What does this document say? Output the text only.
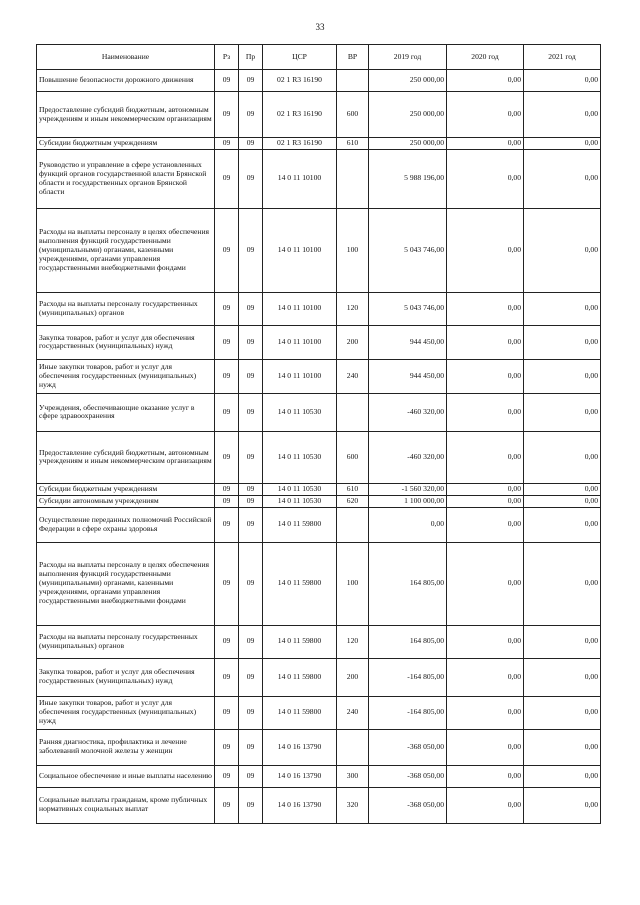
33
Наименование	Рз	Пр	ЦСР	ВР	2019 год	2020 год	2021 год
Повышение безопасности дорожного движения	09	09	02 1 R3 16190		250 000,00	0,00	0,00
Предоставление субсидий бюджетным, автономным учреждениям и иным некоммерческим организациям	09	09	02 1 R3 16190	600	250 000,00	0,00	0,00
Субсидии бюджетным учреждениям	09	09	02 1 R3 16190	610	250 000,00	0,00	0,00
Руководство и управление в сфере установленных функций органов государственной власти Брянской области и государственных органов Брянской области	09	09	14 0 11 10100		5 988 196,00	0,00	0,00
Расходы на выплаты персоналу в целях обеспечения выполнения функций государственными (муниципальными) органами, казенными учреждениями, органами управления государственными внебюджетными фондами	09	09	14 0 11 10100	100	5 043 746,00	0,00	0,00
Расходы на выплаты персоналу государственных (муниципальных) органов	09	09	14 0 11 10100	120	5 043 746,00	0,00	0,00
Закупка товаров, работ и услуг для обеспечения государственных (муниципальных) нужд	09	09	14 0 11 10100	200	944 450,00	0,00	0,00
Иные закупки товаров, работ и услуг для обеспечения государственных (муниципальных) нужд	09	09	14 0 11 10100	240	944 450,00	0,00	0,00
Учреждения, обеспечивающие оказание услуг в сфере здравоохранения	09	09	14 0 11 10530		-460 320,00	0,00	0,00
Предоставление субсидий бюджетным, автономным учреждениям и иным некоммерческим организациям	09	09	14 0 11 10530	600	-460 320,00	0,00	0,00
Субсидии бюджетным учреждениям	09	09	14 0 11 10530	610	-1 560 320,00	0,00	0,00
Субсидии автономным учреждениям	09	09	14 0 11 10530	620	1 100 000,00	0,00	0,00
Осуществление переданных полномочий Российской Федерации в сфере охраны здоровья	09	09	14 0 11 59800		0,00	0,00	0,00
Расходы на выплаты персоналу в целях обеспечения выполнения функций государственными (муниципальными) органами, казенными учреждениями, органами управления государственными внебюджетными фондами	09	09	14 0 11 59800	100	164 805,00	0,00	0,00
Расходы на выплаты персоналу государственных (муниципальных) органов	09	09	14 0 11 59800	120	164 805,00	0,00	0,00
Закупка товаров, работ и услуг для обеспечения государственных (муниципальных) нужд	09	09	14 0 11 59800	200	-164 805,00	0,00	0,00
Иные закупки товаров, работ и услуг для обеспечения государственных (муниципальных) нужд	09	09	14 0 11 59800	240	-164 805,00	0,00	0,00
Ранняя диагностика, профилактика и лечение заболеваний молочной железы у женщин	09	09	14 0 16 13790		-368 050,00	0,00	0,00
Социальное обеспечение и иные выплаты населению	09	09	14 0 16 13790	300	-368 050,00	0,00	0,00
Социальные выплаты гражданам, кроме публичных нормативных социальных выплат	09	09	14 0 16 13790	320	-368 050,00	0,00	0,00
